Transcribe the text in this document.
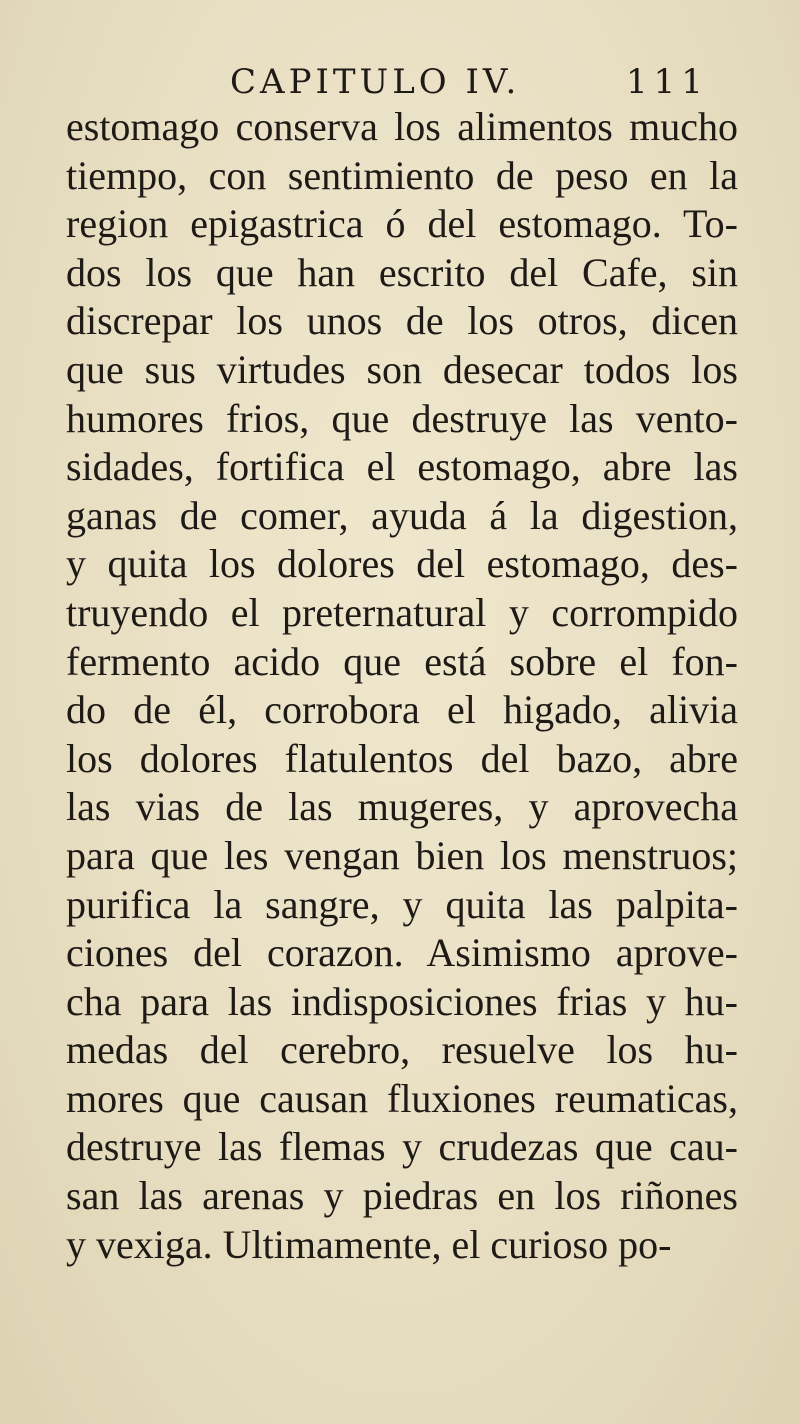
CAPITULO IV.	111
estomago conserva los alimentos mucho
tiempo, con sentimiento de peso en la
region epigastrica ó del estomago. To-
dos los que han escrito del Cafe, sin
discrepar los unos de los otros, dicen
que sus virtudes son desecar todos los
humores frios, que destruye las vento-
sidades, fortifica el estomago, abre las
ganas de comer, ayuda á la digestion,
y quita los dolores del estomago, des-
truyendo el preternatural y corrompido
fermento acido que está sobre el fon-
do de él, corrobora el higado, alivia
los dolores flatulentos del bazo, abre
las vias de las mugeres, y aprovecha
para que les vengan bien los menstruos;
purifica la sangre, y quita las palpita-
ciones del corazon. Asimismo aprove-
cha para las indisposiciones frias y hu-
medas del cerebro, resuelve los hu-
mores que causan fluxiones reumaticas,
destruye las flemas y crudezas que cau-
san las arenas y piedras en los riñones
y vexiga. Ultimamente, el curioso po-
